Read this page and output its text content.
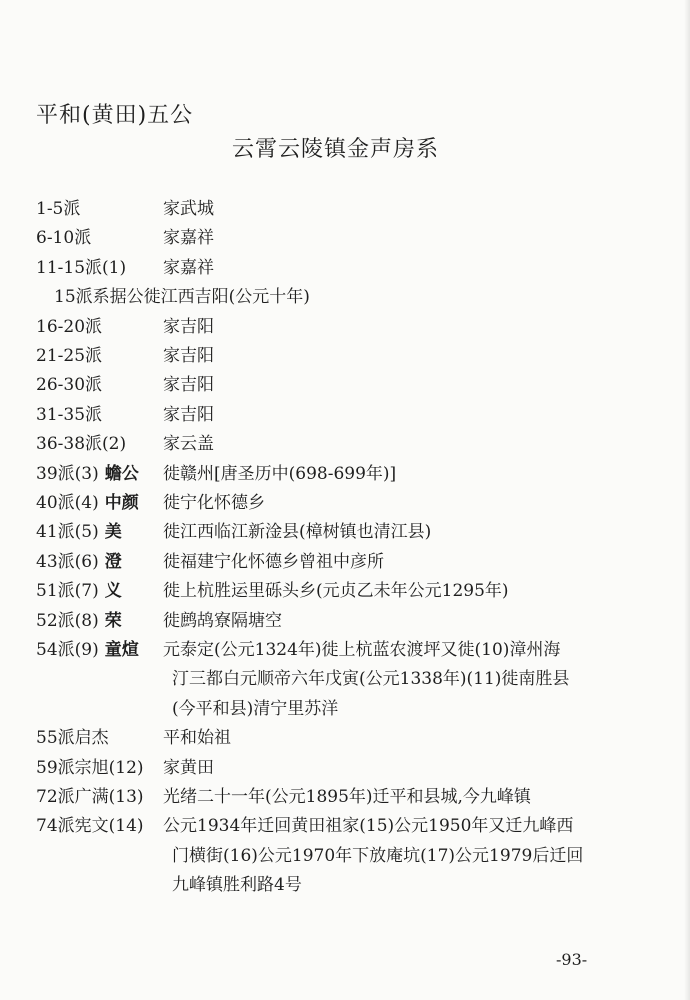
平和(黄田)五公
云霄云陵镇金声房系
1-5派	家武城
6-10派	家嘉祥
11-15派(1) 家嘉祥
15派系据公徙江西吉阳(公元十年)
16-20派	家吉阳
21-25派	家吉阳
26-30派	家吉阳
31-35派	家吉阳
36-38派(2) 家云盖
39派(3) 蟾公 徙赣州[唐圣历中(698-699年)]
40派(4) 中颜 徙宁化怀德乡
41派(5) 美 徙江西临江新淦县(樟树镇也清江县)
43派(6) 澄 徙福建宁化怀德乡曾祖中彦所
51派(7) 义 徙上杭胜运里砾头乡(元贞乙未年公元1295年)
52派(8) 荣 徙鹧鸪寮隔塘空
54派(9) 童煊 元泰定(公元1324年)徙上杭蓝农渡坪又徙(10)漳州海
汀三都白元顺帝六年戊寅(公元1338年)(11)徙南胜县
(今平和县)清宁里苏洋
55派启杰	平和始祖
59派宗旭(12) 家黄田
72派广满(13) 光绪二十一年(公元1895年)迁平和县城,今九峰镇
74派宪文(14) 公元1934年迁回黄田祖家(15)公元1950年又迁九峰西
门横街(16)公元1970年下放庵坑(17)公元1979后迁回
九峰镇胜利路4号
-93-
